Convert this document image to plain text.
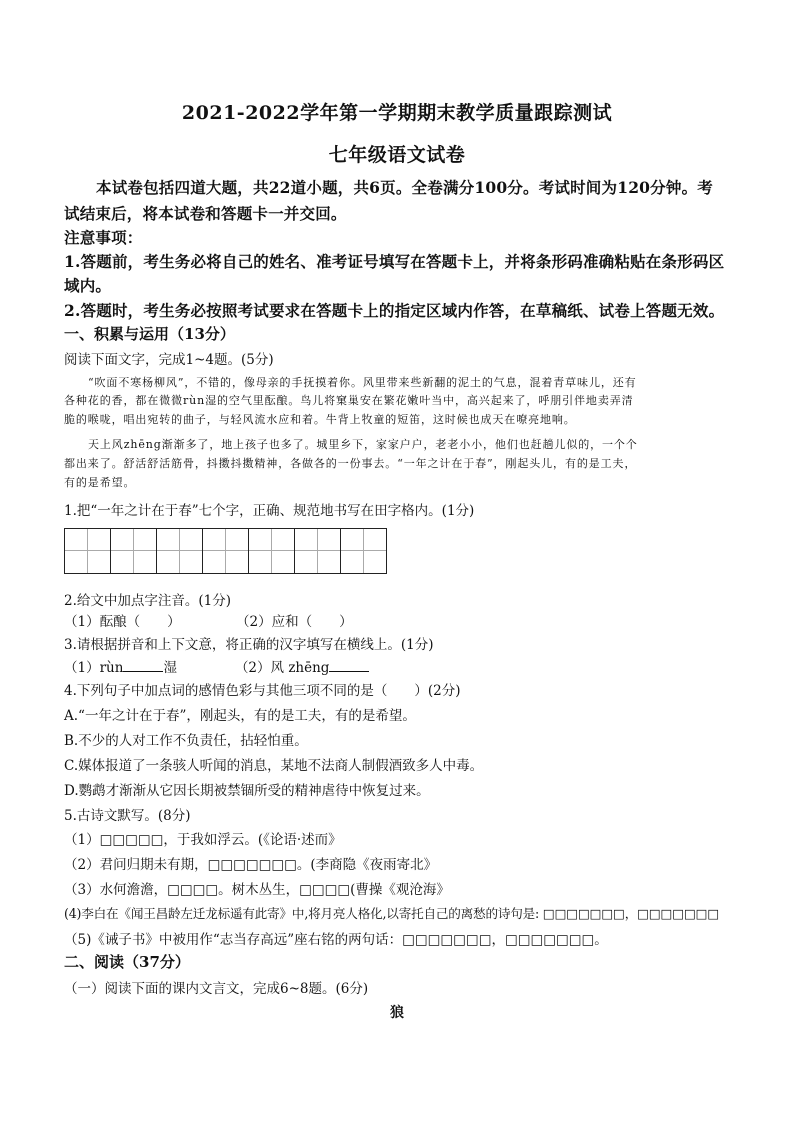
2021-2022学年第一学期期末教学质量跟踪测试
七年级语文试卷
本试卷包括四道大题，共22道小题，共6页。全卷满分100分。考试时间为120分钟。考
试结束后，将本试卷和答题卡一并交回。
注意事项：
1.答题前，考生务必将自己的姓名、准考证号填写在答题卡上，并将条形码准确粘贴在条形码区
域内。
2.答题时，考生务必按照考试要求在答题卡上的指定区域内作答，在草稿纸、试卷上答题无效。
一、积累与运用（13分）
阅读下面文字，完成1~4题。(5分)
“吹面不寒杨柳风”，不错的，像母亲的手抚摸着你。风里带来些新翻的泥土的气息，混着青草味儿，还有
各种花的香，都在微微rùn湿的空气里酝酿。鸟儿将窠巢安在繁花嫩叶当中，高兴起来了，呼朋引伴地卖弄清
脆的喉咙，唱出宛转的曲子，与轻风流水应和着。牛背上牧童的短笛，这时候也成天在嘹亮地响。
天上风zhēng渐渐多了，地上孩子也多了。城里乡下，家家户户，老老小小，他们也赶趟儿似的，一个个
都出来了。舒活舒活筋骨，抖擞抖擞精神，各做各的一份事去。“一年之计在于春”，刚起头儿，有的是工夫，
有的是希望。
1.把“一年之计在于春”七个字，正确、规范地书写在田字格内。(1分)
2.给文中加点字注音。(1分)
（1）酝酿（　　）	（2）应和（　　）
3.请根据拼音和上下文意，将正确的汉字填写在横线上。(1分)
（1）rùn	湿	（2）风 zhēng
4.下列句子中加点词的感情色彩与其他三项不同的是（　　）(2分)
A.“一年之计在于春”，刚起头，有的是工夫，有的是希望。
B.不少的人对工作不负责任，拈轻怕重。
C.媒体报道了一条骇人听闻的消息，某地不法商人制假酒致多人中毒。
D.鹦鹉才渐渐从它因长期被禁锢所受的精神虐待中恢复过来。
5.古诗文默写。(8分)
（1）□□□□□，于我如浮云。(《论语·述而》
（2）君问归期未有期，□□□□□□□。(李商隐《夜雨寄北》
（3）水何澹澹，□□□□。树木丛生，□□□□(曹操《观沧海》
(4)李白在《闻王昌龄左迁龙标遥有此寄》中,将月亮人格化,以寄托自己的离愁的诗句是: □□□□□□□，□□□□□□□
（5)《诫子书》中被用作“志当存高远”座右铭的两句话：□□□□□□□，□□□□□□□。
二、阅读（37分）
（一）阅读下面的课内文言文，完成6~8题。(6分)
狼
